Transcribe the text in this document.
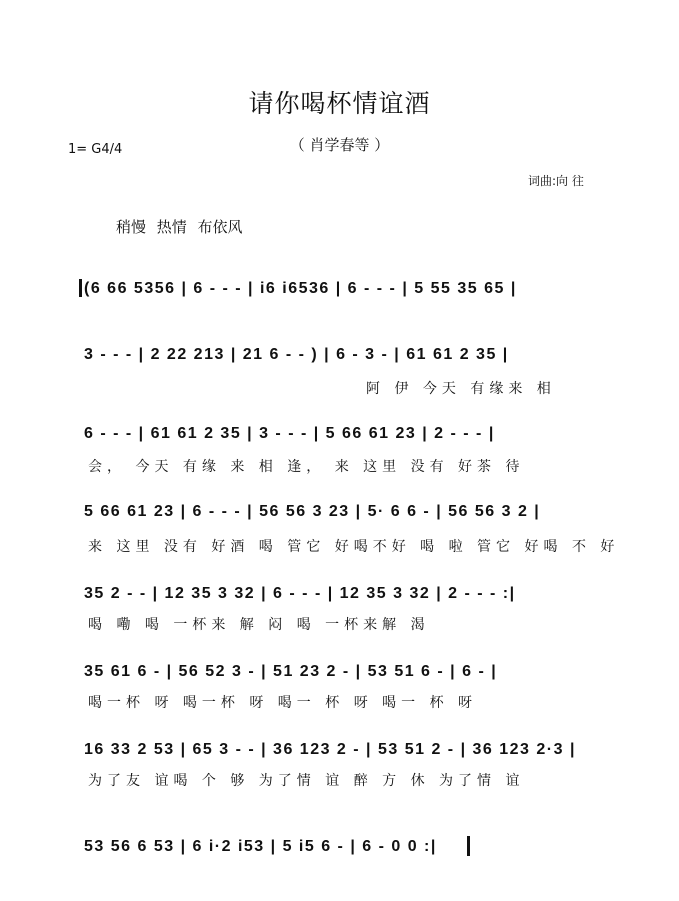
请你喝杯情谊酒
（ 肖学春等 ）
1= G4/4
词曲:向 往
稍慢 热情 布依风
(6 66 5356 | 6 - - - | i6 i6536 | 6 - - - | 5 55 35 65 |
3 - - - | 2 22 213 | 21 6 - - ) | 6 - 3 - | 61 61 2 35 |
阿 伊 今天 有缘来 相
6 - - - | 61 61 2 35 | 3 - - - | 5 66 61 23 | 2 - - - |
会， 今天 有缘 来 相 逢， 来 这里 没有 好茶 待
5 66 61 23 | 6 - - - | 56 56 3 23 | 5· 6 6 - | 56 56 3 2 |
来 这里 没有 好酒 喝 管它 好喝不好 喝 啦 管它 好喝 不 好
35 2 - - | 12 35 3 32 | 6 - - - | 12 35 3 32 | 2 - - - :|
喝 嘞 喝 一杯来 解 闷 喝 一杯来解 渴
35 61 6 - | 56 52 3 - | 51 23 2 - | 53 51 6 - | 6 - |
喝一杯 呀 喝一杯 呀 喝一 杯 呀 喝一 杯 呀
16 33 2 53 | 65 3 - - | 36 123 2 - | 53 51 2 - | 36 123 2·3 |
为了友 谊喝 个 够 为了情 谊 醉 方 休 为了情 谊
53 56 6 53 | 6 i·2 i53 | 5 i5 6 - | 6 - 0 0 :|
